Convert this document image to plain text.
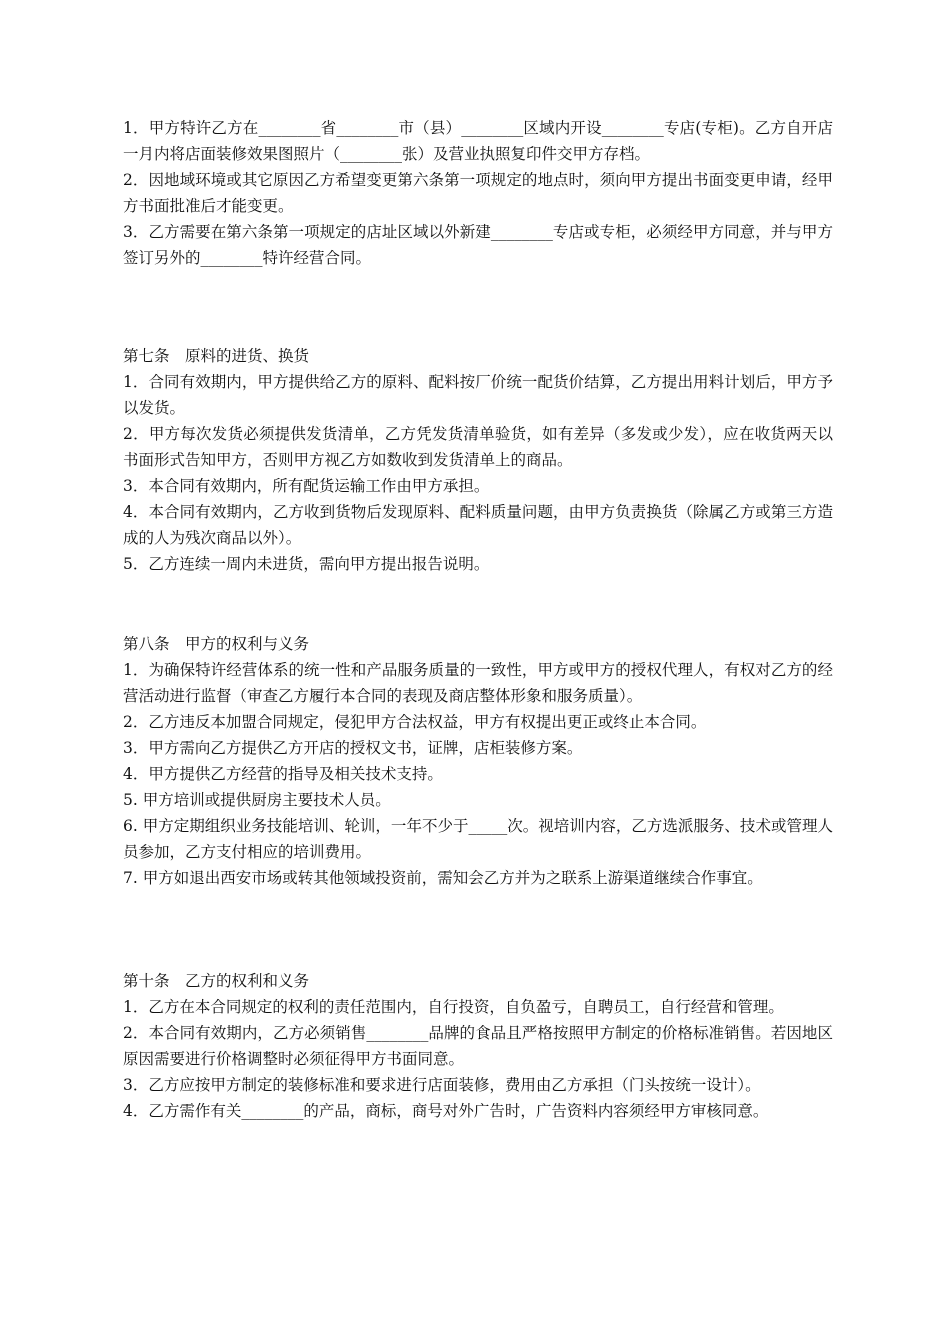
1．甲方特许乙方在________省________市（县）________区域内开设________专店(专柜)。乙方自开店一月内将店面装修效果图照片（________张）及营业执照复印件交甲方存档。

2．因地域环境或其它原因乙方希望变更第六条第一项规定的地点时，须向甲方提出书面变更申请，经甲方书面批准后才能变更。

3．乙方需要在第六条第一项规定的店址区域以外新建________专店或专柜，必须经甲方同意，并与甲方签订另外的________特许经营合同。

第七条　原料的进货、换货

1．合同有效期内，甲方提供给乙方的原料、配料按厂价统一配货价结算，乙方提出用料计划后，甲方予以发货。

2．甲方每次发货必须提供发货清单，乙方凭发货清单验货，如有差异（多发或少发），应在收货两天以书面形式告知甲方，否则甲方视乙方如数收到发货清单上的商品。

3．本合同有效期内，所有配货运输工作由甲方承担。

4．本合同有效期内，乙方收到货物后发现原料、配料质量问题，由甲方负责换货（除属乙方或第三方造成的人为残次商品以外）。

5．乙方连续一周内未进货，需向甲方提出报告说明。

第八条　甲方的权利与义务

1．为确保特许经营体系的统一性和产品服务质量的一致性，甲方或甲方的授权代理人，有权对乙方的经营活动进行监督（审查乙方履行本合同的表现及商店整体形象和服务质量）。

2．乙方违反本加盟合同规定，侵犯甲方合法权益，甲方有权提出更正或终止本合同。

3．甲方需向乙方提供乙方开店的授权文书，证牌，店柜装修方案。

4．甲方提供乙方经营的指导及相关技术支持。

5. 甲方培训或提供厨房主要技术人员。

6. 甲方定期组织业务技能培训、轮训，一年不少于_____次。视培训内容，乙方选派服务、技术或管理人员参加，乙方支付相应的培训费用。

7. 甲方如退出西安市场或转其他领域投资前，需知会乙方并为之联系上游渠道继续合作事宜。

第十条　乙方的权利和义务

1．乙方在本合同规定的权利的责任范围内，自行投资，自负盈亏，自聘员工，自行经营和管理。

2．本合同有效期内，乙方必须销售________品牌的食品且严格按照甲方制定的价格标准销售。若因地区原因需要进行价格调整时必须征得甲方书面同意。

3．乙方应按甲方制定的装修标准和要求进行店面装修，费用由乙方承担（门头按统一设计）。

4．乙方需作有关________的产品，商标，商号对外广告时，广告资料内容须经甲方审核同意。
